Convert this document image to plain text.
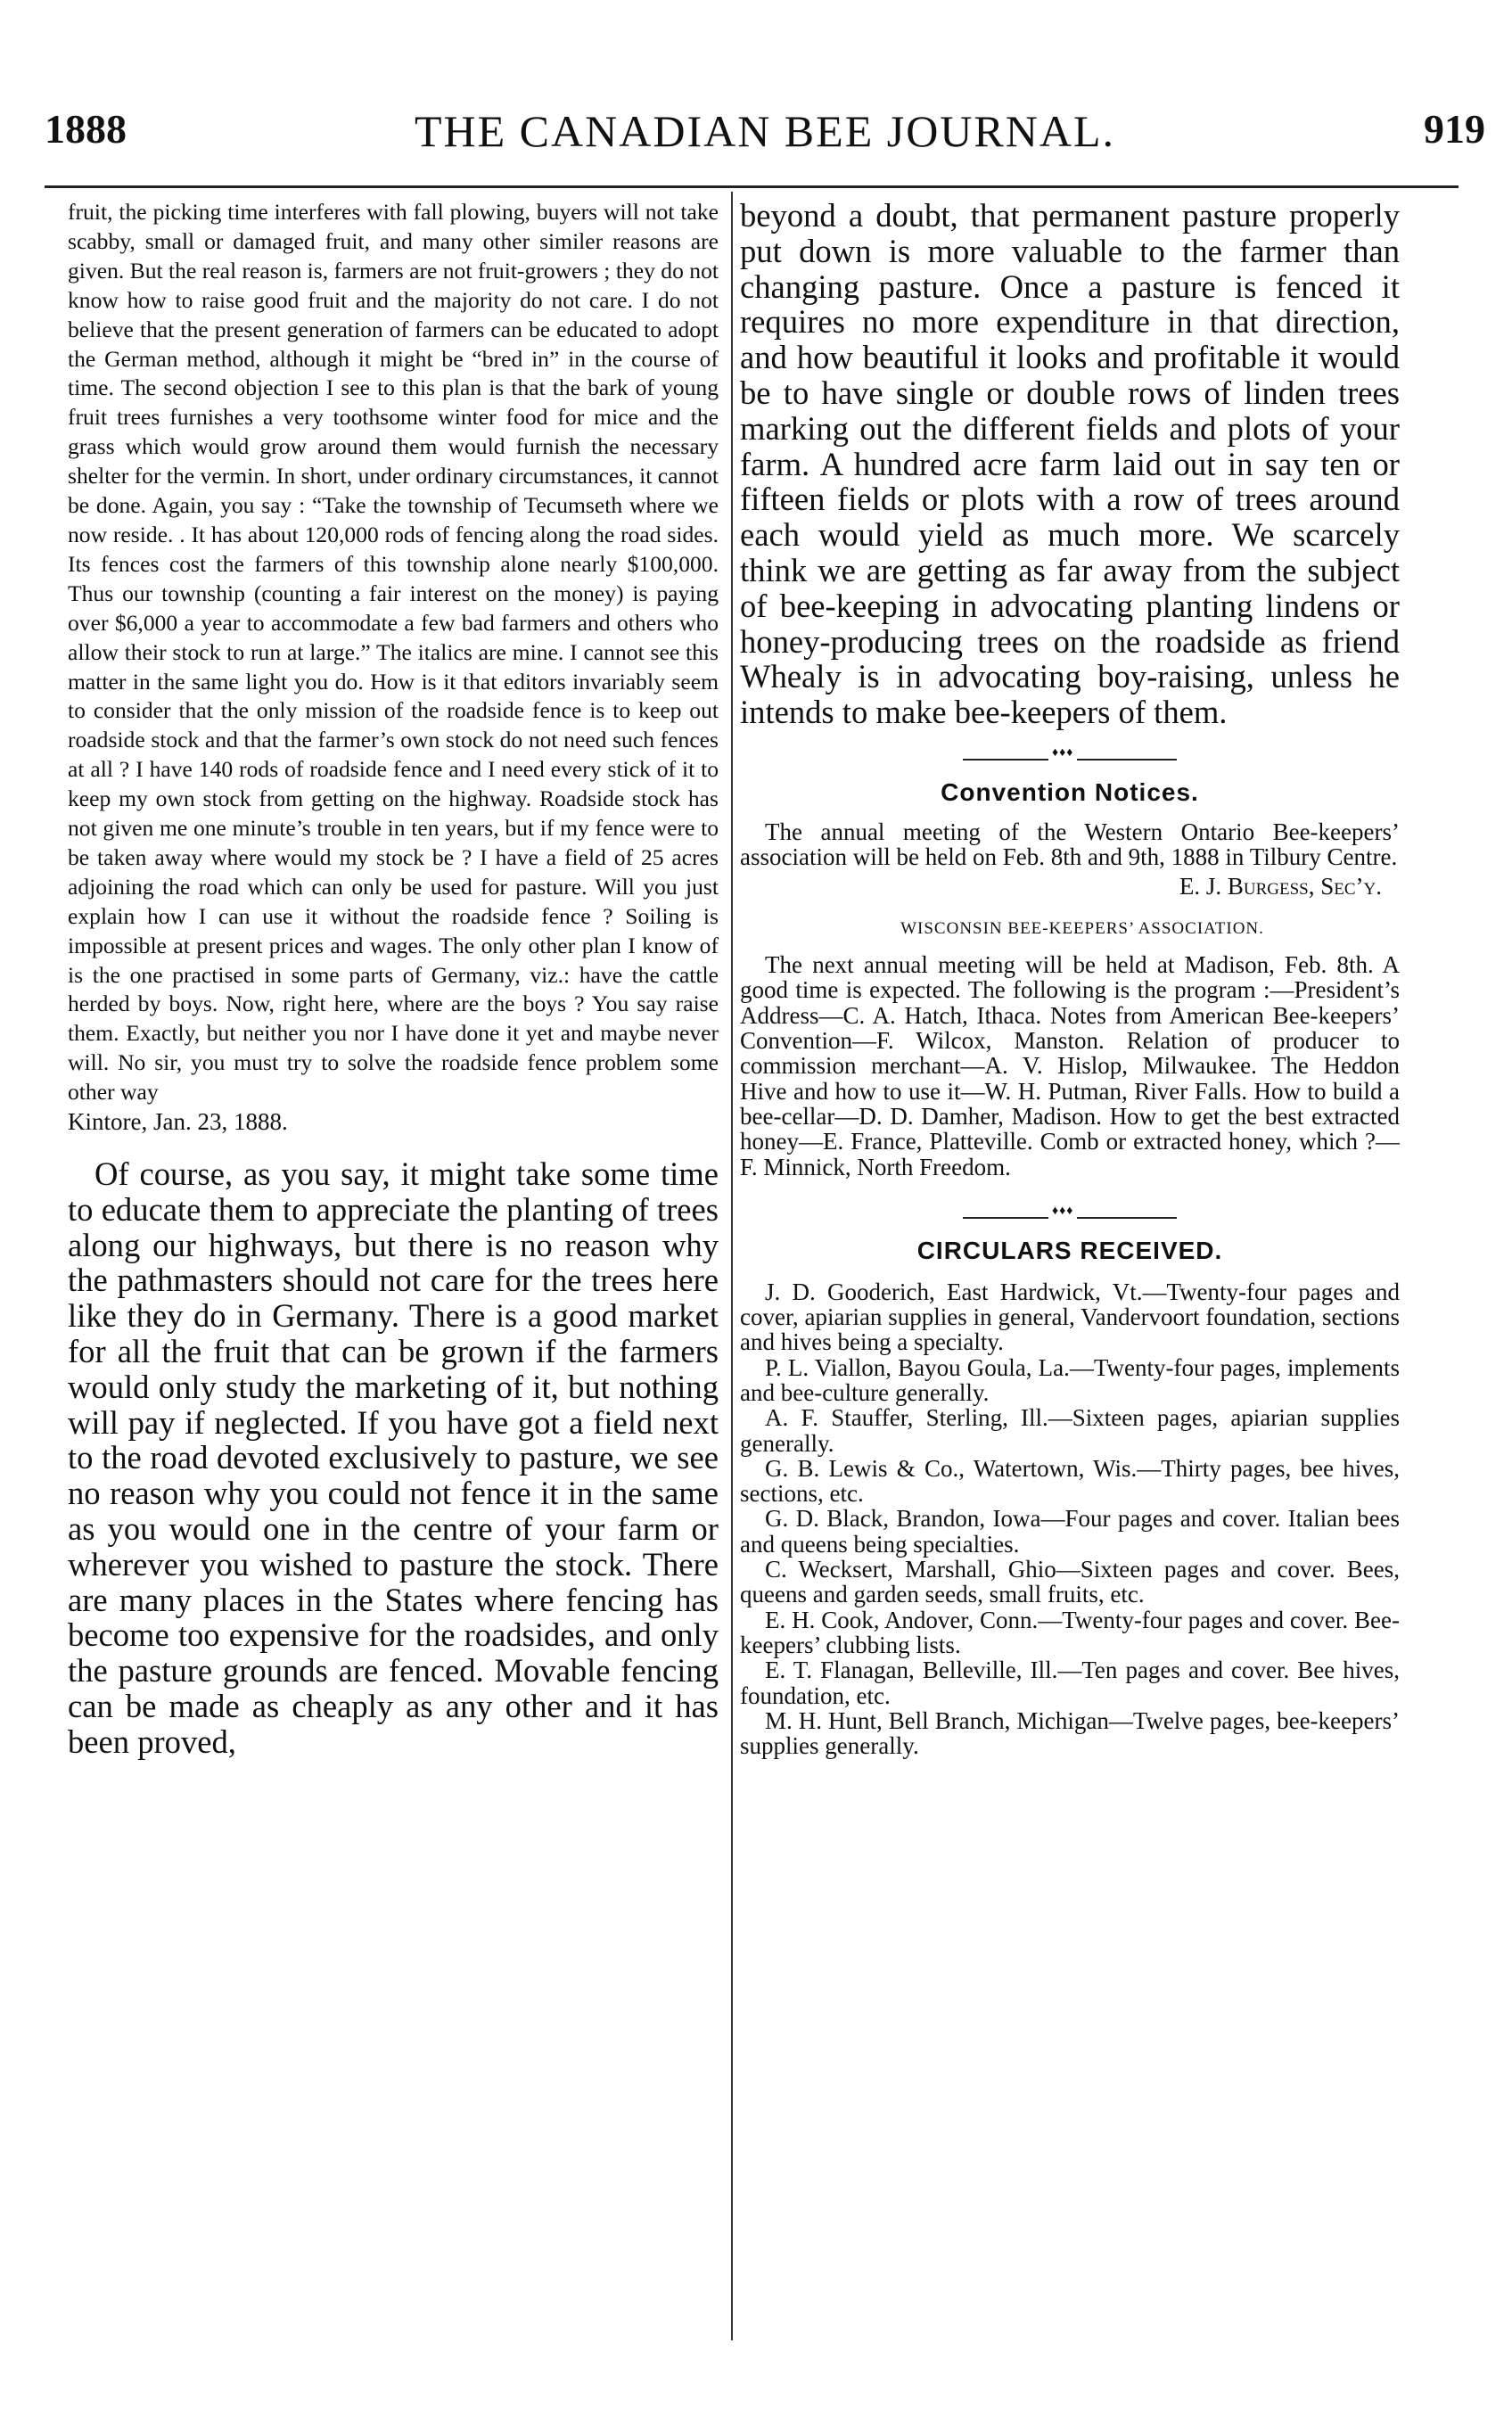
1888	THE CANADIAN BEE JOURNAL.	919

fruit, the picking time interferes with fall plowing, buyers will not take scabby, small or damaged fruit, and many other similer reasons are given. But the real reason is, farmers are not fruit-growers ; they do not know how to raise good fruit and the majority do not care. I do not believe that the present generation of farmers can be educated to adopt the German method, although it might be “bred in” in the course of time. The second objection I see to this plan is that the bark of young fruit trees furnishes a very toothsome winter food for mice and the grass which would grow around them would furnish the necessary shelter for the vermin. In short, under ordinary circumstances, it cannot be done. Again, you say : “Take the township of Tecumseth where we now reside. . It has about 120,000 rods of fencing along the road sides. Its fences cost the farmers of this township alone nearly $100,000. Thus our township (counting a fair interest on the money) is paying over $6,000 a year to accommodate a few bad farmers and others who allow their stock to run at large.” The italics are mine. I cannot see this matter in the same light you do. How is it that editors invariably seem to consider that the only mission of the roadside fence is to keep out roadside stock and that the farmer’s own stock do not need such fences at all ? I have 140 rods of roadside fence and I need every stick of it to keep my own stock from getting on the highway. Roadside stock has not given me one minute’s trouble in ten years, but if my fence were to be taken away where would my stock be ? I have a field of 25 acres adjoining the road which can only be used for pasture. Will you just explain how I can use it without the roadside fence ? Soiling is impossible at present prices and wages. The only other plan I know of is the one practised in some parts of Germany, viz.: have the cattle herded by boys. Now, right here, where are the boys ? You say raise them. Exactly, but neither you nor I have done it yet and maybe never will. No sir, you must try to solve the roadside fence problem some other way

Kintore, Jan. 23, 1888.

Of course, as you say, it might take some time to educate them to appreciate the planting of trees along our highways, but there is no reason why the pathmasters should not care for the trees here like they do in Germany. There is a good market for all the fruit that can be grown if the farmers would only study the marketing of it, but nothing will pay if neglected. If you have got a field next to the road devoted exclusively to pasture, we see no reason why you could not fence it in the same as you would one in the centre of your farm or wherever you wished to pasture the stock. There are many places in the States where fencing has become too expensive for the roadsides, and only the pasture grounds are fenced. Movable fencing can be made as cheaply as any other and it has been proved,

beyond a doubt, that permanent pasture properly put down is more valuable to the farmer than changing pasture. Once a pasture is fenced it requires no more expenditure in that direction, and how beautiful it looks and profitable it would be to have single or double rows of linden trees marking out the different fields and plots of your farm. A hundred acre farm laid out in say ten or fifteen fields or plots with a row of trees around each would yield as much more. We scarcely think we are getting as far away from the subject of bee-keeping in advocating planting lindens or honey-producing trees on the roadside as friend Whealy is in advocating boy-raising, unless he intends to make bee-keepers of them.

♦♦♦

Convention Notices.

The annual meeting of the Western Ontario Bee-keepers’ association will be held on Feb. 8th and 9th, 1888 in Tilbury Centre.

E. J. Burgess, Sec’y.

WISCONSIN BEE-KEEPERS’ ASSOCIATION.

The next annual meeting will be held at Madison, Feb. 8th. A good time is expected. The following is the program :—President’s Address—C. A. Hatch, Ithaca. Notes from American Bee-keepers’ Convention—F. Wilcox, Manston. Relation of producer to commission merchant—A. V. Hislop, Milwaukee. The Heddon Hive and how to use it—W. H. Putman, River Falls. How to build a bee-cellar—D. D. Damher, Madison. How to get the best extracted honey—E. France, Platteville. Comb or extracted honey, which ?—F. Minnick, North Freedom.

♦♦♦

CIRCULARS RECEIVED.

J. D. Gooderich, East Hardwick, Vt.—Twenty-four pages and cover, apiarian supplies in general, Vandervoort foundation, sections and hives being a specialty.

P. L. Viallon, Bayou Goula, La.—Twenty-four pages, implements and bee-culture generally.

A. F. Stauffer, Sterling, Ill.—Sixteen pages, apiarian supplies generally.

G. B. Lewis & Co., Watertown, Wis.—Thirty pages, bee hives, sections, etc.

G. D. Black, Brandon, Iowa—Four pages and cover. Italian bees and queens being specialties.

C. Wecksert, Marshall, Ghio—Sixteen pages and cover. Bees, queens and garden seeds, small fruits, etc.

E. H. Cook, Andover, Conn.—Twenty-four pages and cover. Bee-keepers’ clubbing lists.

E. T. Flanagan, Belleville, Ill.—Ten pages and cover. Bee hives, foundation, etc.

M. H. Hunt, Bell Branch, Michigan—Twelve pages, bee-keepers’ supplies generally.
